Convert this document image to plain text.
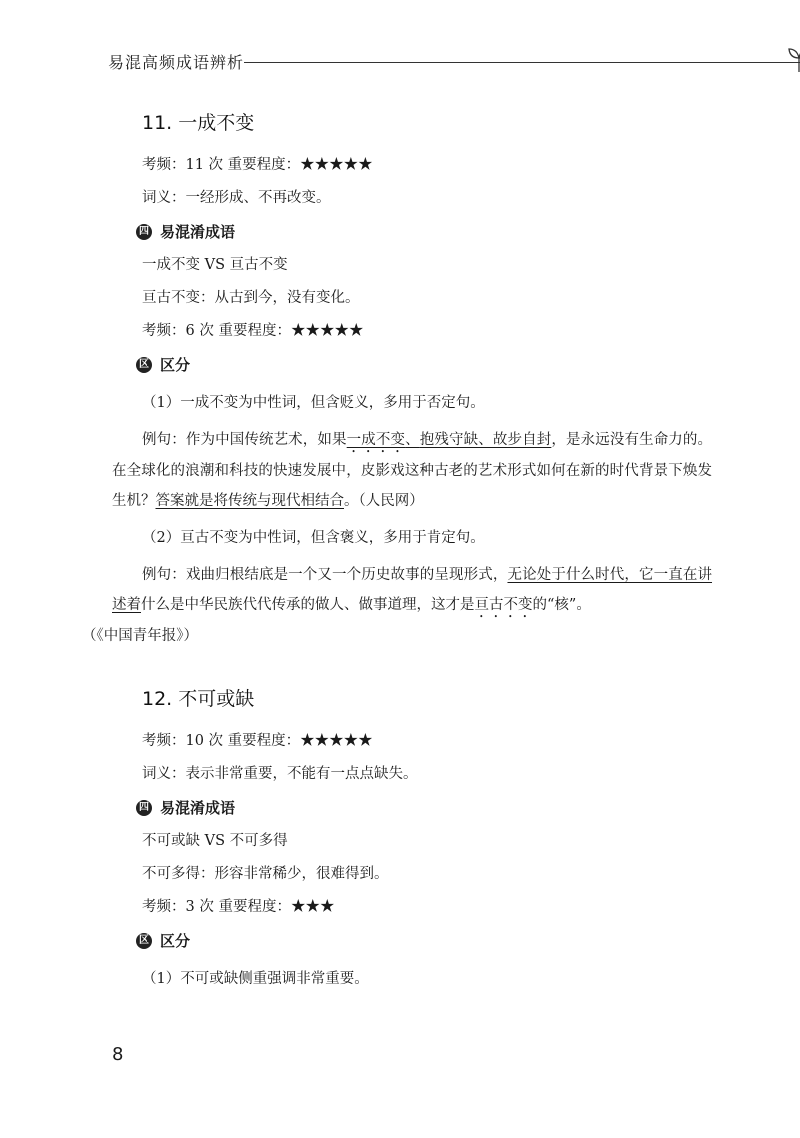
易混高频成语辨析
11. 一成不变

考频：11 次 重要程度：★★★★★

词义：一经形成、不再改变。

四 易混淆成语

一成不变 VS 亘古不变

亘古不变：从古到今，没有变化。

考频：6 次 重要程度：★★★★★

区 区分

（1）一成不变为中性词，但含贬义，多用于否定句。

例句：作为中国传统艺术，如果一成不变、抱残守缺、故步自封，是永远没有生命力的。在全球化的浪潮和科技的快速发展中，皮影戏这种古老的艺术形式如何在新的时代背景下焕发生机？答案就是将传统与现代相结合。（人民网）

（2）亘古不变为中性词，但含褒义，多用于肯定句。

例句：戏曲归根结底是一个又一个历史故事的呈现形式，无论处于什么时代，它一直在讲述着什么是中华民族代代传承的做人、做事道理，这才是亘古不变的“核”。
（《中国青年报》）

12. 不可或缺

考频：10 次 重要程度：★★★★★

词义：表示非常重要，不能有一点点缺失。

四 易混淆成语

不可或缺 VS 不可多得

不可多得：形容非常稀少，很难得到。

考频：3 次 重要程度：★★★

区 区分

（1）不可或缺侧重强调非常重要。

8
